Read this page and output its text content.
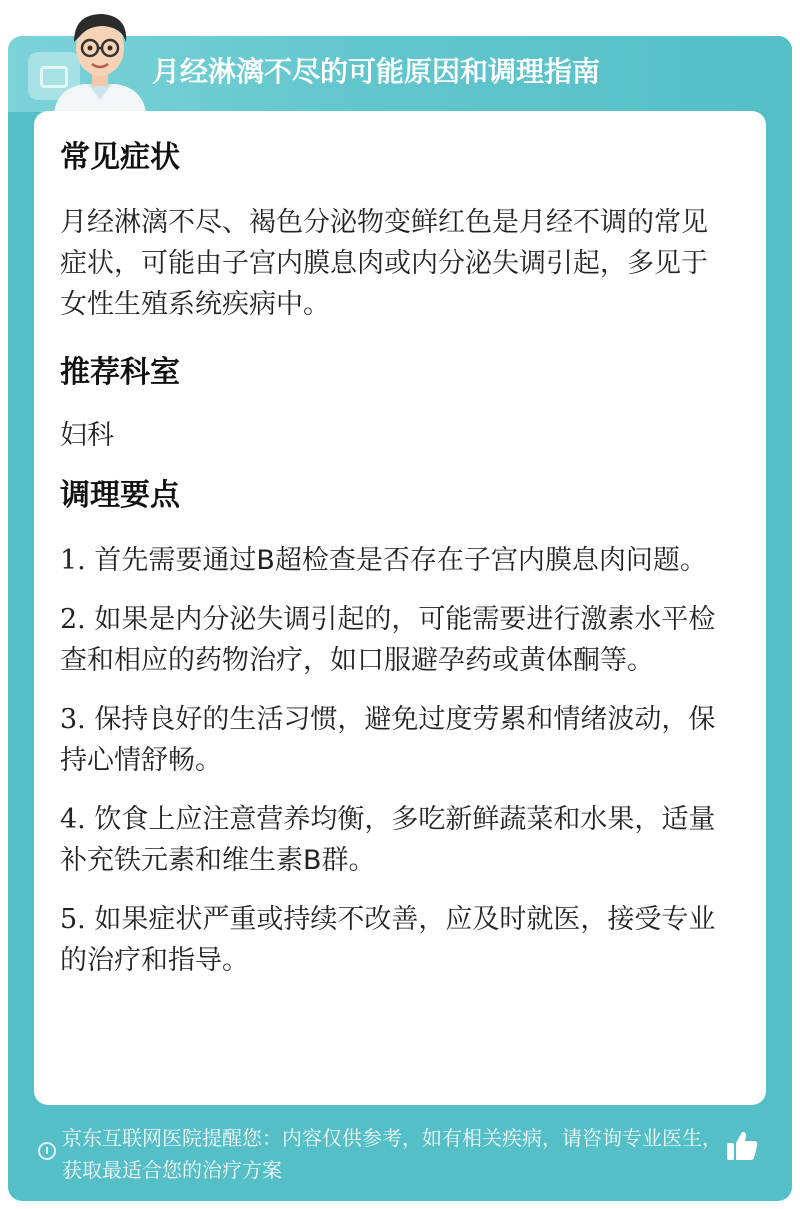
月经淋漓不尽的可能原因和调理指南
常见症状
月经淋漓不尽、褐色分泌物变鲜红色是月经不调的常见症状，可能由子宫内膜息肉或内分泌失调引起，多见于女性生殖系统疾病中。
推荐科室
妇科
调理要点
1. 首先需要通过B超检查是否存在子宫内膜息肉问题。
2. 如果是内分泌失调引起的，可能需要进行激素水平检查和相应的药物治疗，如口服避孕药或黄体酮等。
3. 保持良好的生活习惯，避免过度劳累和情绪波动，保持心情舒畅。
4. 饮食上应注意营养均衡，多吃新鲜蔬菜和水果，适量补充铁元素和维生素B群。
5. 如果症状严重或持续不改善，应及时就医，接受专业的治疗和指导。
京东互联网医院提醒您：内容仅供参考，如有相关疾病，请咨询专业医生，获取最适合您的治疗方案
